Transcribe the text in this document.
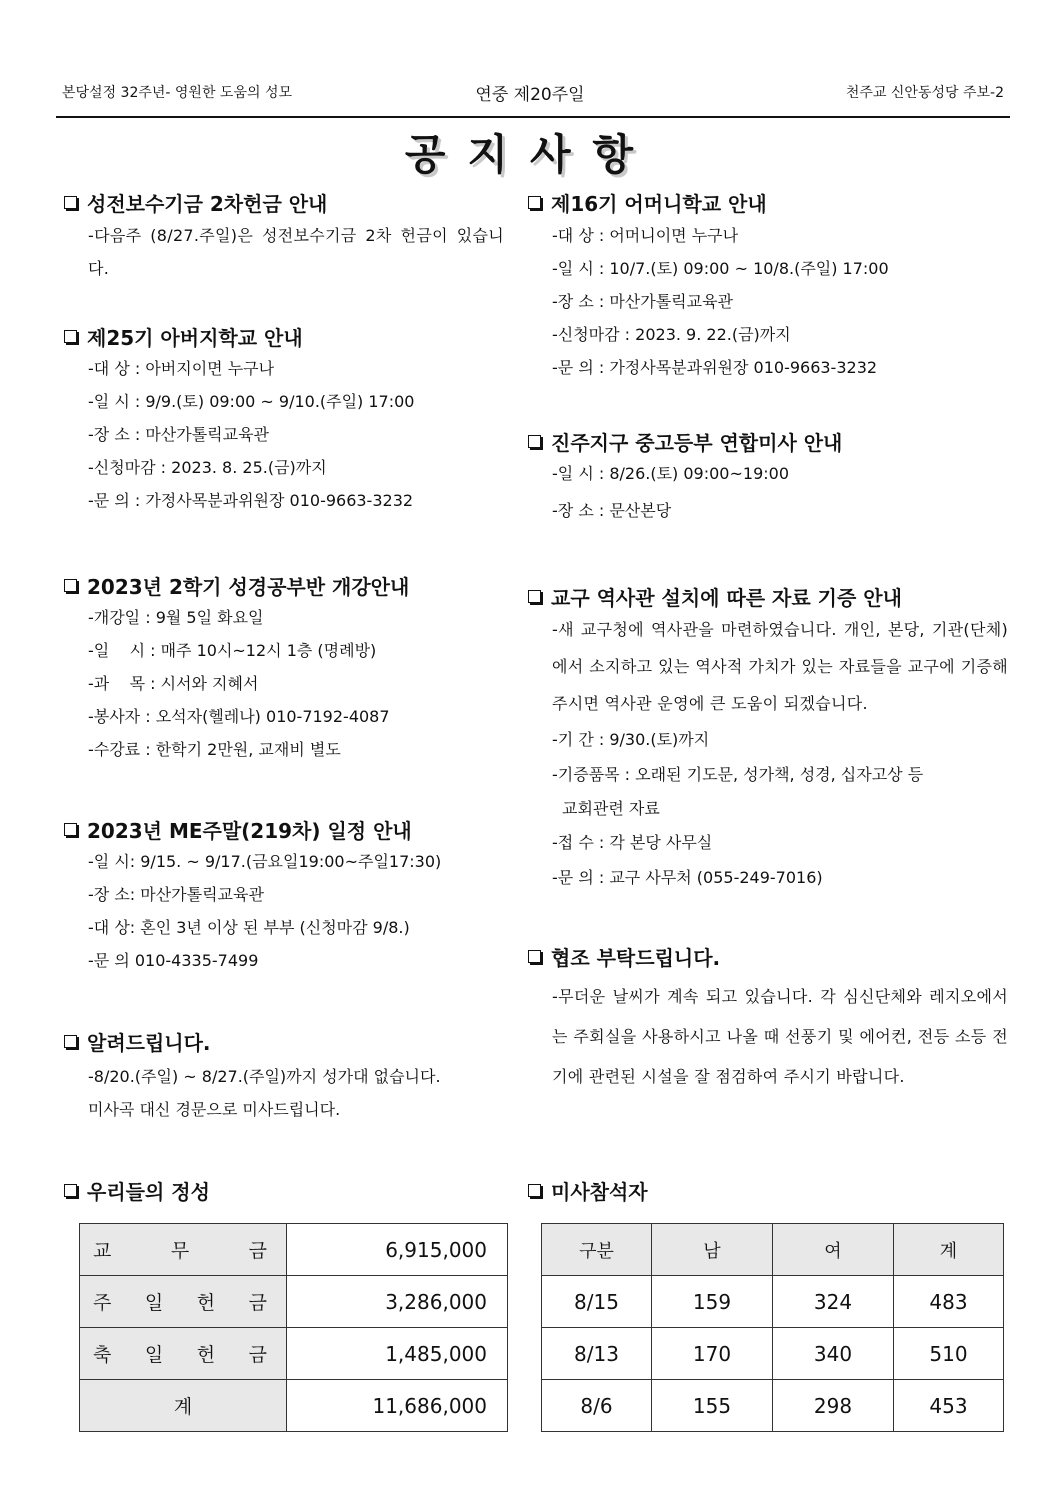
본당설정 32주년- 영원한 도움의 성모	연중 제20주일	천주교 신안동성당 주보-2
공지사항
성전보수기금 2차헌금 안내
-다음주 (8/27.주일)은 성전보수기금 2차 헌금이 있습니다.
제25기 아버지학교 안내
-대 상 : 아버지이면 누구나
-일 시 : 9/9.(토) 09:00 ~ 9/10.(주일) 17:00
-장 소 : 마산가톨릭교육관
-신청마감 : 2023. 8. 25.(금)까지
-문 의 : 가정사목분과위원장 010-9663-3232
2023년 2학기 성경공부반 개강안내
-개강일 : 9월 5일 화요일
-일    시 : 매주 10시~12시 1층 (명례방)
-과    목 : 시서와 지혜서
-봉사자 : 오석자(헬레나) 010-7192-4087
-수강료 : 한학기 2만원, 교재비 별도
2023년 ME주말(219차) 일정 안내
-일 시: 9/15. ~ 9/17.(금요일19:00~주일17:30)
-장 소: 마산가톨릭교육관
-대 상: 혼인 3년 이상 된 부부 (신청마감 9/8.)
-문 의 010-4335-7499
알려드립니다.
-8/20.(주일) ~ 8/27.(주일)까지 성가대 없습니다.
미사곡 대신 경문으로 미사드립니다.
제16기 어머니학교 안내
-대 상 : 어머니이면 누구나
-일 시 : 10/7.(토) 09:00 ~ 10/8.(주일) 17:00
-장 소 : 마산가톨릭교육관
-신청마감 : 2023. 9. 22.(금)까지
-문 의 : 가정사목분과위원장 010-9663-3232
진주지구 중고등부 연합미사 안내
-일 시 : 8/26.(토) 09:00~19:00
-장 소 : 문산본당
교구 역사관 설치에 따른 자료 기증 안내
-새 교구청에 역사관을 마련하였습니다. 개인, 본당, 기관(단체)에서 소지하고 있는 역사적 가치가 있는 자료들을 교구에 기증해 주시면 역사관 운영에 큰 도움이 되겠습니다.
-기 간 : 9/30.(토)까지
-기증품목 : 오래된 기도문, 성가책, 성경, 십자고상 등
교회관련 자료
-접 수 : 각 본당 사무실
-문 의 : 교구 사무처 (055-249-7016)
협조 부탁드립니다.
-무더운 날씨가 계속 되고 있습니다. 각 심신단체와 레지오에서는 주회실을 사용하시고 나올 때 선풍기 및 에어컨, 전등 소등 전기에 관련된 시설을 잘 점검하여 주시기 바랍니다.
우리들의 정성	미사참석자
교 무 금	6,915,000

주 일 헌 금	3,286,000

축 일 헌 금	1,485,000
계	11,686,000
구분	남	여	계
8/15	159	324	483
8/13	170	340	510
8/6	155	298	453
